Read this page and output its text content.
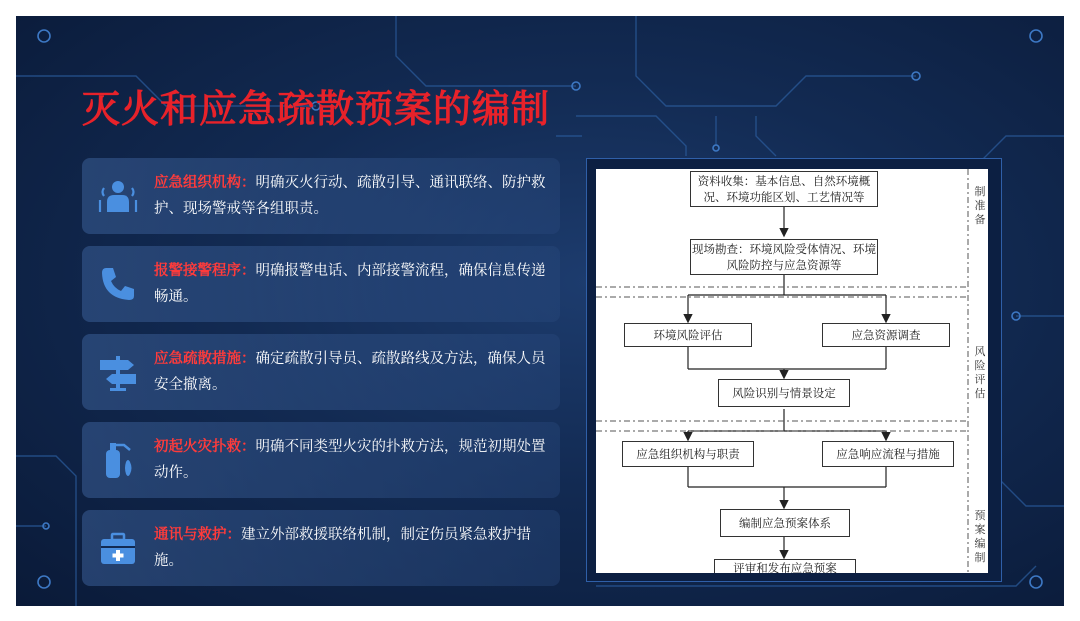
灭火和应急疏散预案的编制
应急组织机构：明确灭火行动、疏散引导、通讯联络、防护救护、现场警戒等各组职责。
报警接警程序：明确报警电话、内部接警流程，确保信息传递畅通。
应急疏散措施：确定疏散引导员、疏散路线及方法，确保人员安全撤离。
初起火灾扑救：明确不同类型火灾的扑救方法，规范初期处置动作。
通讯与救护：建立外部救援联络机制，制定伤员紧急救护措施。
资料收集：基本信息、自然环境概况、环境功能区划、工艺情况等
现场勘查：环境风险受体情况、环境风险防控与应急资源等
环境风险评估	应急资源调查
风险识别与情景设定
应急组织机构与职责	应急响应流程与措施
编制应急预案体系
评审和发布应急预案
制准备
风险评估
预案编制
